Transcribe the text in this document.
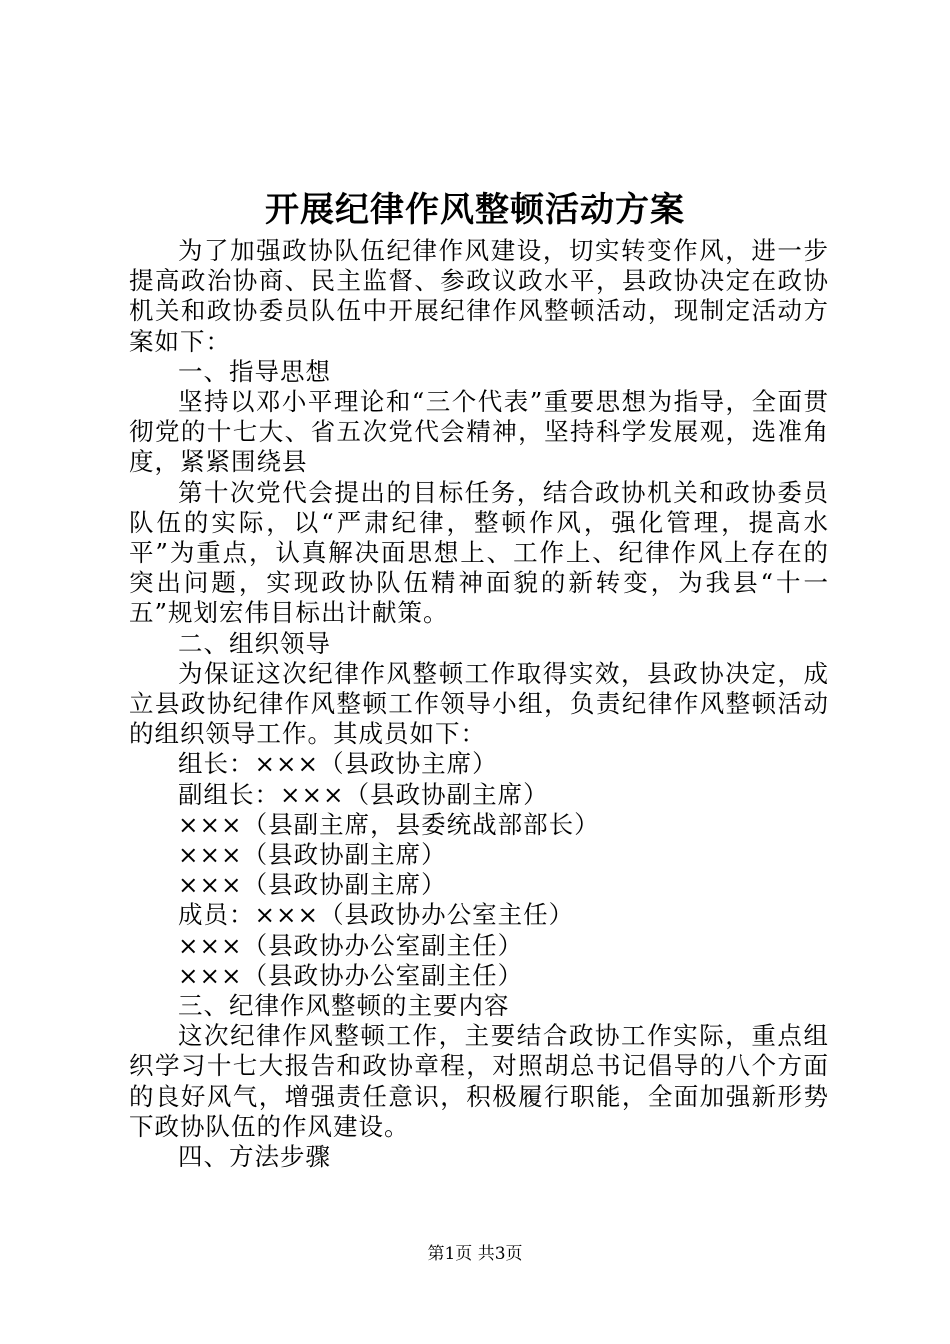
开展纪律作风整顿活动方案

为了加强政协队伍纪律作风建设，切实转变作风，进一步提高政治协商、民主监督、参政议政水平，县政协决定在政协机关和政协委员队伍中开展纪律作风整顿活动，现制定活动方案如下：

一、指导思想

坚持以邓小平理论和“三个代表”重要思想为指导，全面贯彻党的十七大、省五次党代会精神，坚持科学发展观，选准角度，紧紧围绕县

第十次党代会提出的目标任务，结合政协机关和政协委员队伍的实际，以“严肃纪律，整顿作风，强化管理，提高水平”为重点，认真解决面思想上、工作上、纪律作风上存在的突出问题，实现政协队伍精神面貌的新转变，为我县“十一五”规划宏伟目标出计献策。

二、组织领导

为保证这次纪律作风整顿工作取得实效，县政协决定，成立县政协纪律作风整顿工作领导小组，负责纪律作风整顿活动的组织领导工作。其成员如下：

组长：×××（县政协主席）

副组长：×××（县政协副主席）

×××（县副主席，县委统战部部长）

×××（县政协副主席）

×××（县政协副主席）

成员：×××（县政协办公室主任）

×××（县政协办公室副主任）

×××（县政协办公室副主任）

三、纪律作风整顿的主要内容

这次纪律作风整顿工作，主要结合政协工作实际，重点组织学习十七大报告和政协章程，对照胡总书记倡导的八个方面的良好风气，增强责任意识，积极履行职能，全面加强新形势下政协队伍的作风建设。

四、方法步骤

第1页 共3页
